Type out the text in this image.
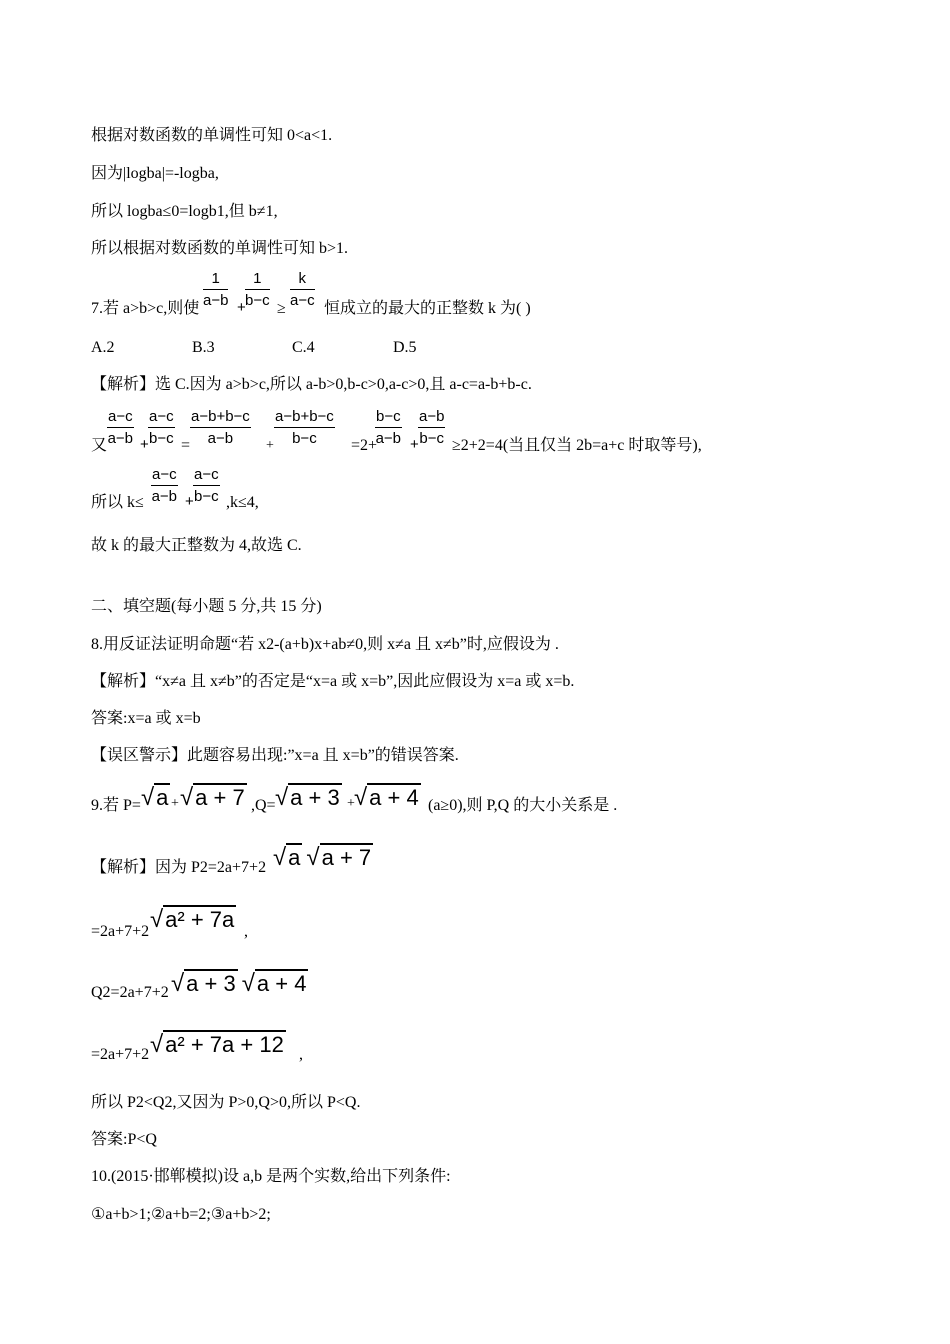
根据对数函数的单调性可知 0<a<1.
因为|logba|=-logba,
所以 logba≤0=logb1,但 b≠1,
所以根据对数函数的单调性可知 b>1.
7.若 a>b>c,则使 $\frac{1}{a-b} + \frac{1}{b-c} \ge \frac{k}{a-c}$ 恒成立的最大的正整数 k 为( )
A.2	B.3	C.4	D.5
【解析】选 C.因为 a>b>c,所以 a-b>0,b-c>0,a-c>0,且 a-c=a-b+b-c.
又 $\frac{a-c}{a-b} + \frac{a-c}{b-c} = \frac{a-b+b-c}{a-b} + \frac{a-b+b-c}{b-c} =2+$
$\frac{b-c}{a-b} + \frac{a-b}{b-c} \ge 2+2=4$(当且仅当 2b=a+c 时取等号),
所以 $k\le \frac{a-c}{a-b} + \frac{a-c}{b-c} ,k\le 4$,
故 k 的最大正整数为 4,故选 C.
二、填空题(每小题 5 分,共 15 分)
8.用反证法证明命题“若 x2-(a+b)x+ab≠0,则 x≠a 且 x≠b”时,应假设为 .
【解析】“x≠a 且 x≠b”的否定是“x=a 或 x=b”,因此应假设为 x=a 或 x=b.
答案:x=a 或 x=b
【误区警示】此题容易出现:”x=a 且 x=b”的错误答案.
9.若 P= √a + √a + 7 ,Q= √a + 3 + √a + 4 (a≥0),则 P,Q 的大小关系是 .
【解析】因为 P2=2a+7+2 √a √a + 7
=2a+7+2 √a² + 7a ,
Q2=2a+7+2 √a + 3 √a + 4
=2a+7+2 √a² + 7a + 12 ,
所以 P2<Q2,又因为 P>0,Q>0,所以 P<Q.
答案:P<Q
10.(2015·邯郸模拟)设 a,b 是两个实数,给出下列条件:
①a+b>1;②a+b=2;③a+b>2;
